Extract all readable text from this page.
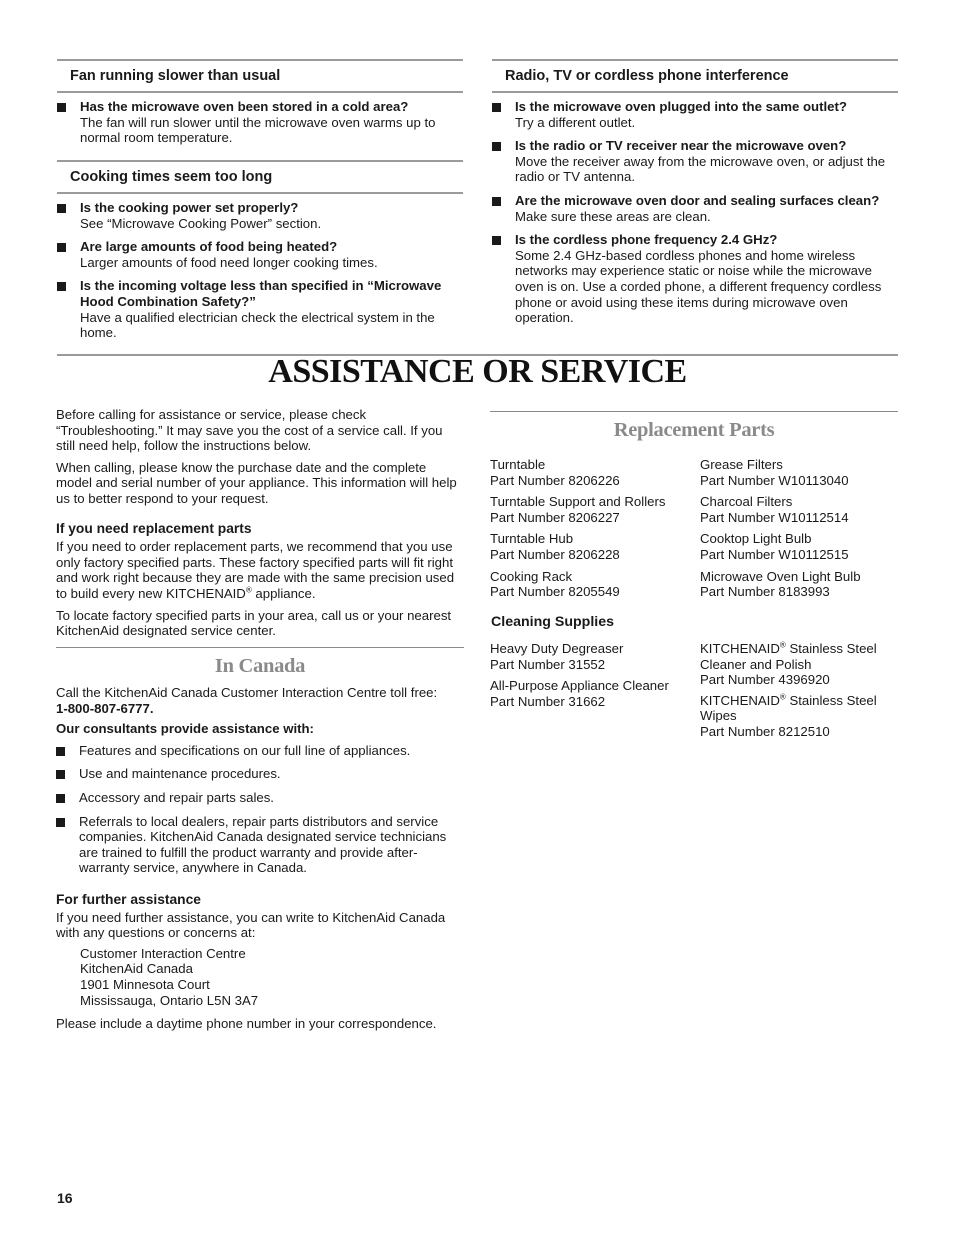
Fan running slower than usual
Has the microwave oven been stored in a cold area?
The fan will run slower until the microwave oven warms up to normal room temperature.
Cooking times seem too long
Is the cooking power set properly?
See “Microwave Cooking Power” section.
Are large amounts of food being heated?
Larger amounts of food need longer cooking times.
Is the incoming voltage less than specified in “Microwave Hood Combination Safety?”
Have a qualified electrician check the electrical system in the home.
Radio, TV or cordless phone interference
Is the microwave oven plugged into the same outlet?
Try a different outlet.
Is the radio or TV receiver near the microwave oven?
Move the receiver away from the microwave oven, or adjust the radio or TV antenna.
Are the microwave oven door and sealing surfaces clean?
Make sure these areas are clean.
Is the cordless phone frequency 2.4 GHz?
Some 2.4 GHz-based cordless phones and home wireless networks may experience static or noise while the microwave oven is on. Use a corded phone, a different frequency cordless phone or avoid using these items during microwave oven operation.
ASSISTANCE OR SERVICE

Before calling for assistance or service, please check “Troubleshooting.” It may save you the cost of a service call. If you still need help, follow the instructions below.

When calling, please know the purchase date and the complete model and serial number of your appliance. This information will help us to better respond to your request.

If you need replacement parts

If you need to order replacement parts, we recommend that you use only factory specified parts. These factory specified parts will fit right and work right because they are made with the same precision used to build every new KITCHENAID® appliance.

To locate factory specified parts in your area, call us or your nearest KitchenAid designated service center.

In Canada
Call the KitchenAid Canada Customer Interaction Centre toll free:
1-800-807-6777.
Our consultants provide assistance with:
Features and specifications on our full line of appliances.
Use and maintenance procedures.
Accessory and repair parts sales.
Referrals to local dealers, repair parts distributors and service companies. KitchenAid Canada designated service technicians are trained to fulfill the product warranty and provide after-warranty service, anywhere in Canada.
For further assistance

If you need further assistance, you can write to KitchenAid Canada with any questions or concerns at:

Customer Interaction Centre
KitchenAid Canada
1901 Minnesota Court
Mississauga, Ontario L5N 3A7

Please include a daytime phone number in your correspondence.

Replacement Parts
Turntable
Part Number 8206226
Grease Filters
Part Number W10113040
Turntable Support and Rollers
Part Number 8206227
Charcoal Filters
Part Number W10112514
Turntable Hub
Part Number 8206228
Cooktop Light Bulb
Part Number W10112515
Cooking Rack
Part Number 8205549
Microwave Oven Light Bulb
Part Number 8183993
Cleaning Supplies
Heavy Duty Degreaser
Part Number 31552
All-Purpose Appliance Cleaner
Part Number 31662
KITCHENAID® Stainless Steel Cleaner and Polish
Part Number 4396920
KITCHENAID® Stainless Steel Wipes
Part Number 8212510
16
